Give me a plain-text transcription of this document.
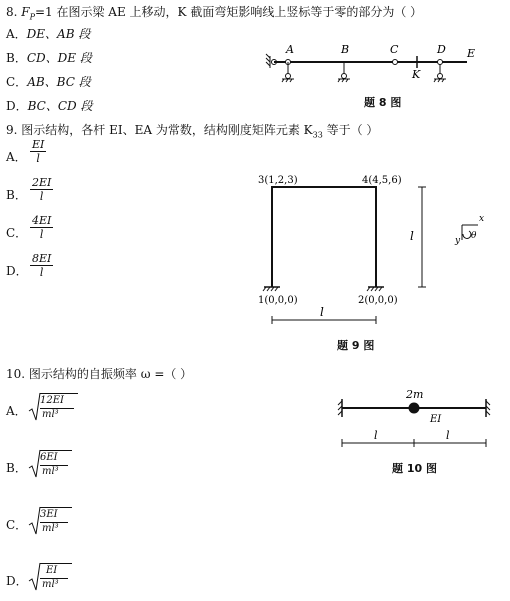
8. $F_P=1$ 在图示梁 AE 上移动，K 截面弯矩影响线上竖标等于零的部分为（ ）
A．DE、AB 段
B．CD、DE 段
C．AB、BC 段
D．BC、CD 段
A	B	C
K
D E
题 8 图
9. 图示结构，各杆 EI、EA 为常数，结构刚度矩阵元素 $K_{33}$ 等于（ ）
A． $\frac{EI}{l}$
B． $\frac{2EI}{l}$
C． $\frac{4EI}{l}$
D． $\frac{8EI}{l}$
3(1,2,3)	4(4,5,6)
1(0,0,0)	2(0,0,0)
l
l
x
y θ
题 9 图
10. 图示结构的自振频率 ω =（ ）
A．
12EI
ml³
B．
6EI
ml³
C．
3EI
ml³
D．
EI
ml³
2m
EI
l	l
题 10 图
